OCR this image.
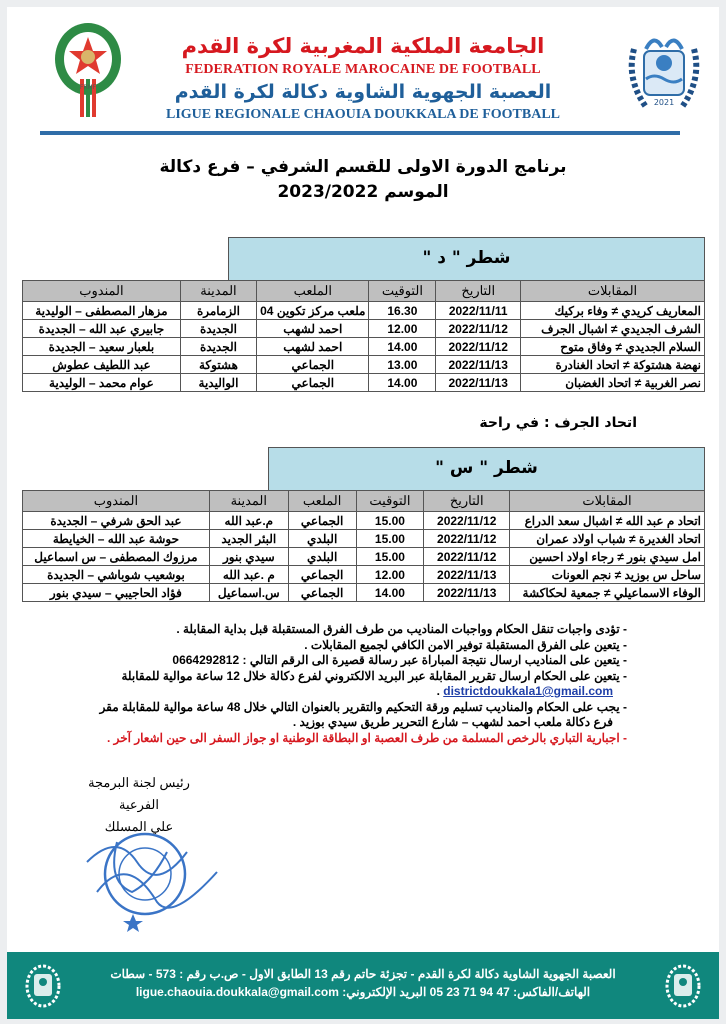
FRMF
2021
الجامعة الملكية المغربية لكرة القدم
FEDERATION ROYALE MAROCAINE DE FOOTBALL
العصبة الجهوية الشاوية دكالة لكرة القدم
LIGUE REGIONALE CHAOUIA DOUKKALA DE FOOTBALL
برنامج الدورة الاولى للقسم الشرفي – فرع دكالة
الموسم 2023/2022
شطر " د "
المقابلات	التاريخ	التوقيت	الملعب	المدينة	المندوب
المعاريف كريدي ≠ وفاء بركيك	2022/11/11	16.30	ملعب مركز تكوين 04	الزمامرة	مزهار المصطفى – الوليدية
الشرف الجديدي ≠ اشبال الجرف	2022/11/12	12.00	احمد لشهب	الجديدة	جابيري عبد الله – الجديدة
السلام الجديدي ≠ وفاق متوح	2022/11/12	14.00	احمد لشهب	الجديدة	بلعبار سعيد – الجديدة
نهضة هشتوكة ≠ اتحاد الغنادرة	2022/11/13	13.00	الجماعي	هشتوكة	عبد اللطيف عطوش
نصر الغربية ≠ اتحاد الغضبان	2022/11/13	14.00	الجماعي	الواليدية	عوام محمد – الوليدية
اتحاد الجرف : في راحة
شطر " س "
المقابلات	التاريخ	التوقيت	الملعب	المدينة	المندوب
اتحاد م عبد الله ≠ اشبال سعد الدراع	2022/11/12	15.00	الجماعي	م.عبد الله	عبد الحق شرفي – الجديدة
اتحاد الغديرة ≠ شباب اولاد عمران	2022/11/12	15.00	البلدي	البئر الجديد	حوشة عبد الله – الخيايطة
امل سيدي بنور ≠ رجاء اولاد احسين	2022/11/12	15.00	البلدي	سيدي بنور	مرزوك المصطفى – س اسماعيل
ساحل س بوزيد ≠ نجم العونات	2022/11/13	12.00	الجماعي	م .عبد الله	بوشعيب شوباشي – الجديدة
الوفاء الاسماعيلي ≠ جمعية لحكاكشة	2022/11/13	14.00	الجماعي	س.اسماعيل	فؤاد الحاجيبي – سيدي بنور
- تؤدى واجبات تنقل الحكام وواجبات المناديب من طرف الفرق المستقبلة قبل بداية المقابلة .
- يتعين على الفرق المستقبلة توفير الامن الكافي لجميع المقابلات .
- يتعين على المناديب ارسال نتيجة المباراة عبر رسالة قصيرة الى الرقم التالي : 0664292812
- يتعين على الحكام ارسال تقرير المقابلة عبر البريد الالكتروني لفرع دكالة خلال 12 ساعة موالية للمقابلة
districtdoukkala1@gmail.com .
- يجب على الحكام والمناديب تسليم ورقة التحكيم والتقرير بالعنوان التالي خلال 48 ساعة موالية للمقابلة مقر
فرع دكالة ملعب احمد لشهب – شارع التحرير طريق سيدي بوزيد .
- اجبارية التباري بالرخص المسلمة من طرف العصبة او البطاقة الوطنية او جواز السفر الى حين اشعار آخر .
رئيس لجنة البرمجة الفرعية
علي المسلك
العصبة الجهوية الشاوية دكالة لكرة القدم - تجزئة حاتم رقم 13 الطابق الاول - ص.ب رقم : 573 - سطات
الهاتف/الفاكس: 47 94 71 23 05 البريد الإلكتروني: ligue.chaouia.doukkala@gmail.com
